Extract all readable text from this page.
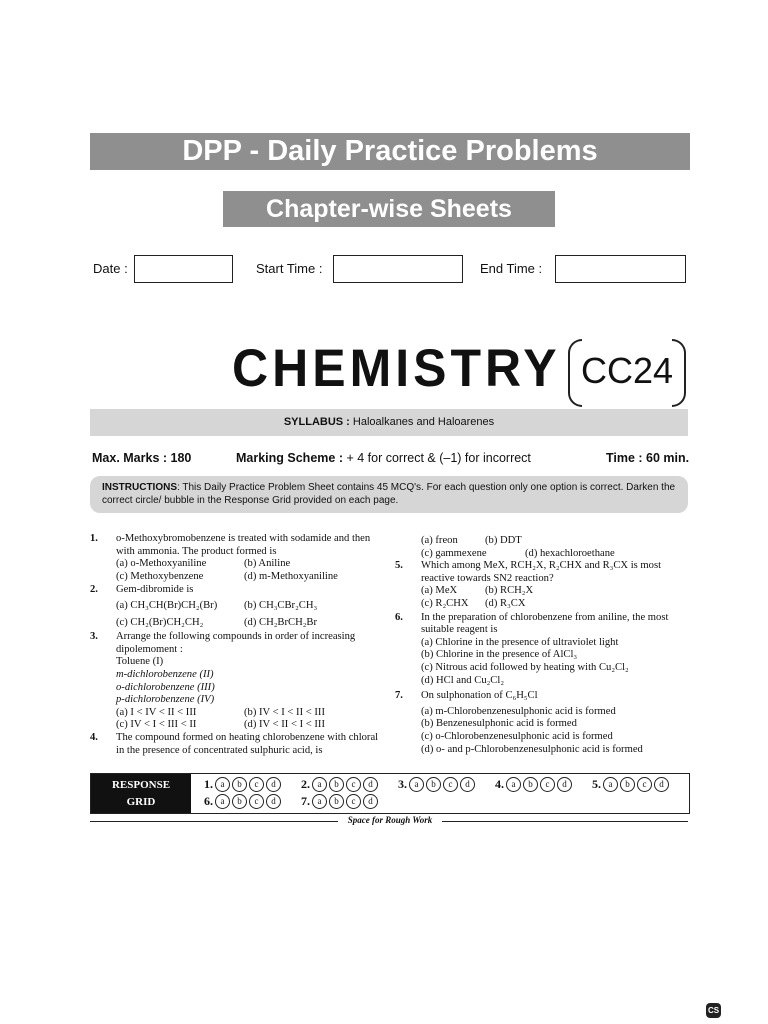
DPP - Daily Practice Problems
Chapter-wise Sheets
Date :	Start Time :	End Time :
CHEMISTRY CC24
SYLLABUS : Haloalkanes and Haloarenes
Max. Marks : 180	Marking Scheme : + 4 for correct & (–1) for incorrect	Time : 60 min.
INSTRUCTIONS: This Daily Practice Problem Sheet contains 45 MCQ's. For each question only one option is correct. Darken the correct circle/ bubble in the Response Grid provided on each page.
1. o-Methoxybromobenzene is treated with sodamide and then with ammonia. The product formed is
(a) o-Methoxyaniline	(b) Aniline
(c) Methoxybenzene	(d) m-Methoxyaniline
2. Gem-dibromide is
(a) CH₃CH(Br)CH₂(Br)	(b) CH₃CBr₂CH₃
(c) CH₂(Br)CH₂CH₂	(d) CH₂BrCH₂Br
3. Arrange the following compounds in order of increasing dipolemoment :
Toluene (I)
m-dichlorobenzene (II)
o-dichlorobenzene (III)
p-dichlorobenzene (IV)
(a) I < IV < II < III	(b) IV < I < II < III
(c) IV < I < III < II	(d) IV < II < I < III
4. The compound formed on heating chlorobenzene with chloral in the presence of concentrated sulphuric acid, is
(a) freon	(b) DDT
(c) gammexene	(d) hexachloroethane
5. Which among MeX, RCH₂X, R₂CHX and R₃CX is most reactive towards SN2 reaction?
(a) MeX	(b) RCH₂X
(c) R₂CHX	(d) R₃CX
6. In the preparation of chlorobenzene from aniline, the most suitable reagent is
(a) Chlorine in the presence of ultraviolet light
(b) Chlorine in the presence of AlCl₃
(c) Nitrous acid followed by heating with Cu₂Cl₂
(d) HCl and Cu₂Cl₂
7. On sulphonation of C₆H₅Cl
(a) m-Chlorobenzenesulphonic acid is formed
(b) Benzenesulphonic acid is formed
(c) o-Chlorobenzenesulphonic acid is formed
(d) o- and p-Chlorobenzenesulphonic acid is formed
RESPONSE
GRID
1. a	b	c	d	2. a	b	c	d	3. a	b	c	d	4. a	b	c	d	5. a	b	c	d
6. a	b	c	d	7. a	b	c	d
Space for Rough Work
CS
